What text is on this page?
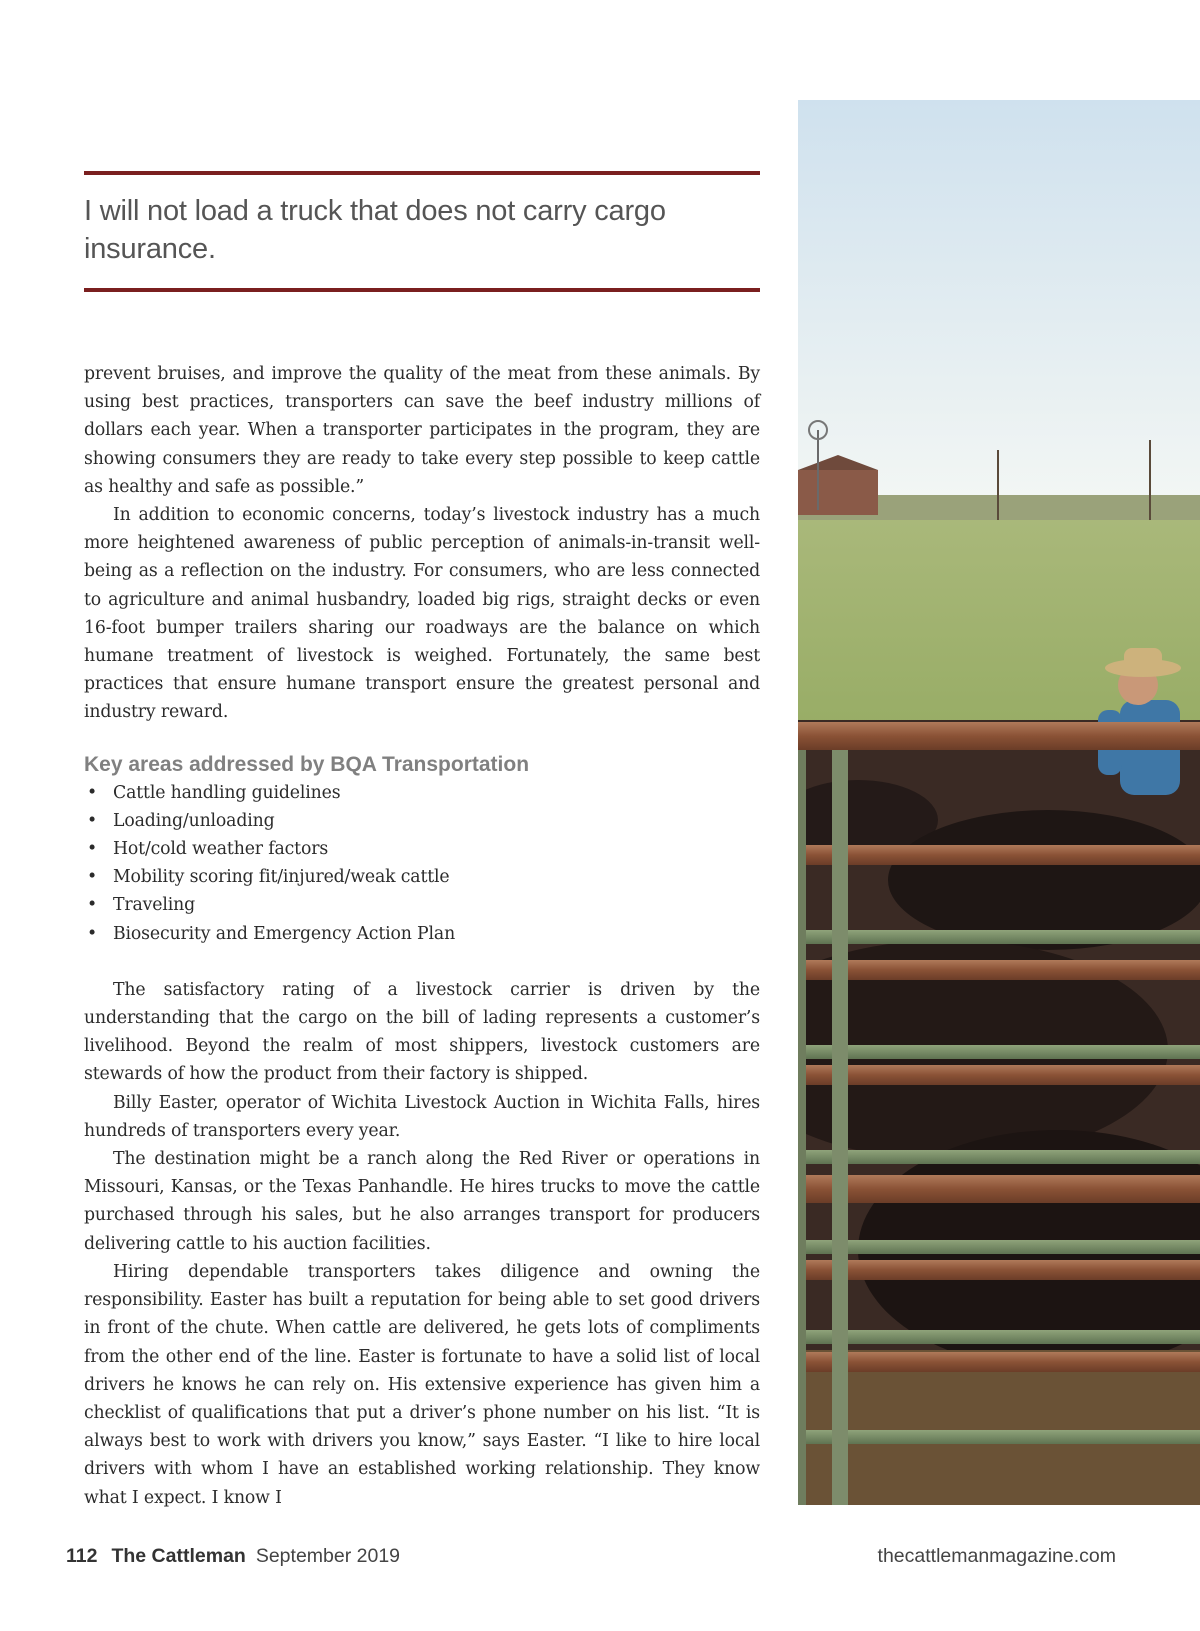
I will not load a truck that does not carry cargo insurance.

prevent bruises, and improve the quality of the meat from these animals. By using best practices, transporters can save the beef industry millions of dollars each year. When a transporter participates in the program, they are showing consumers they are ready to take every step possible to keep cattle as healthy and safe as possible.”

In addition to economic concerns, today’s livestock industry has a much more heightened awareness of public perception of animals-in-transit well-being as a reflection on the industry. For consumers, who are less connected to agriculture and animal husbandry, loaded big rigs, straight decks or even 16-foot bumper trailers sharing our roadways are the balance on which humane treatment of livestock is weighed. Fortunately, the same best practices that ensure humane transport ensure the greatest personal and industry reward.

Key areas addressed by BQA Transportation
• Cattle handling guidelines
• Loading/unloading
• Hot/cold weather factors
• Mobility scoring fit/injured/weak cattle
• Traveling
• Biosecurity and Emergency Action Plan

The satisfactory rating of a livestock carrier is driven by the understanding that the cargo on the bill of lading represents a customer’s livelihood. Beyond the realm of most shippers, livestock customers are stewards of how the product from their factory is shipped.

Billy Easter, operator of Wichita Livestock Auction in Wichita Falls, hires hundreds of transporters every year.

The destination might be a ranch along the Red River or operations in Missouri, Kansas, or the Texas Panhandle. He hires trucks to move the cattle purchased through his sales, but he also arranges transport for producers delivering cattle to his auction facilities.

Hiring dependable transporters takes diligence and owning the responsibility. Easter has built a reputation for being able to set good drivers in front of the chute. When cattle are delivered, he gets lots of compliments from the other end of the line. Easter is fortunate to have a solid list of local drivers he knows he can rely on. His extensive experience has given him a checklist of qualifications that put a driver’s phone number on his list. “It is always best to work with drivers you know,” says Easter. “I like to hire local drivers with whom I have an established working relationship. They know what I expect. I know I

112 The Cattleman September 2019	thecattlemanmagazine.com
